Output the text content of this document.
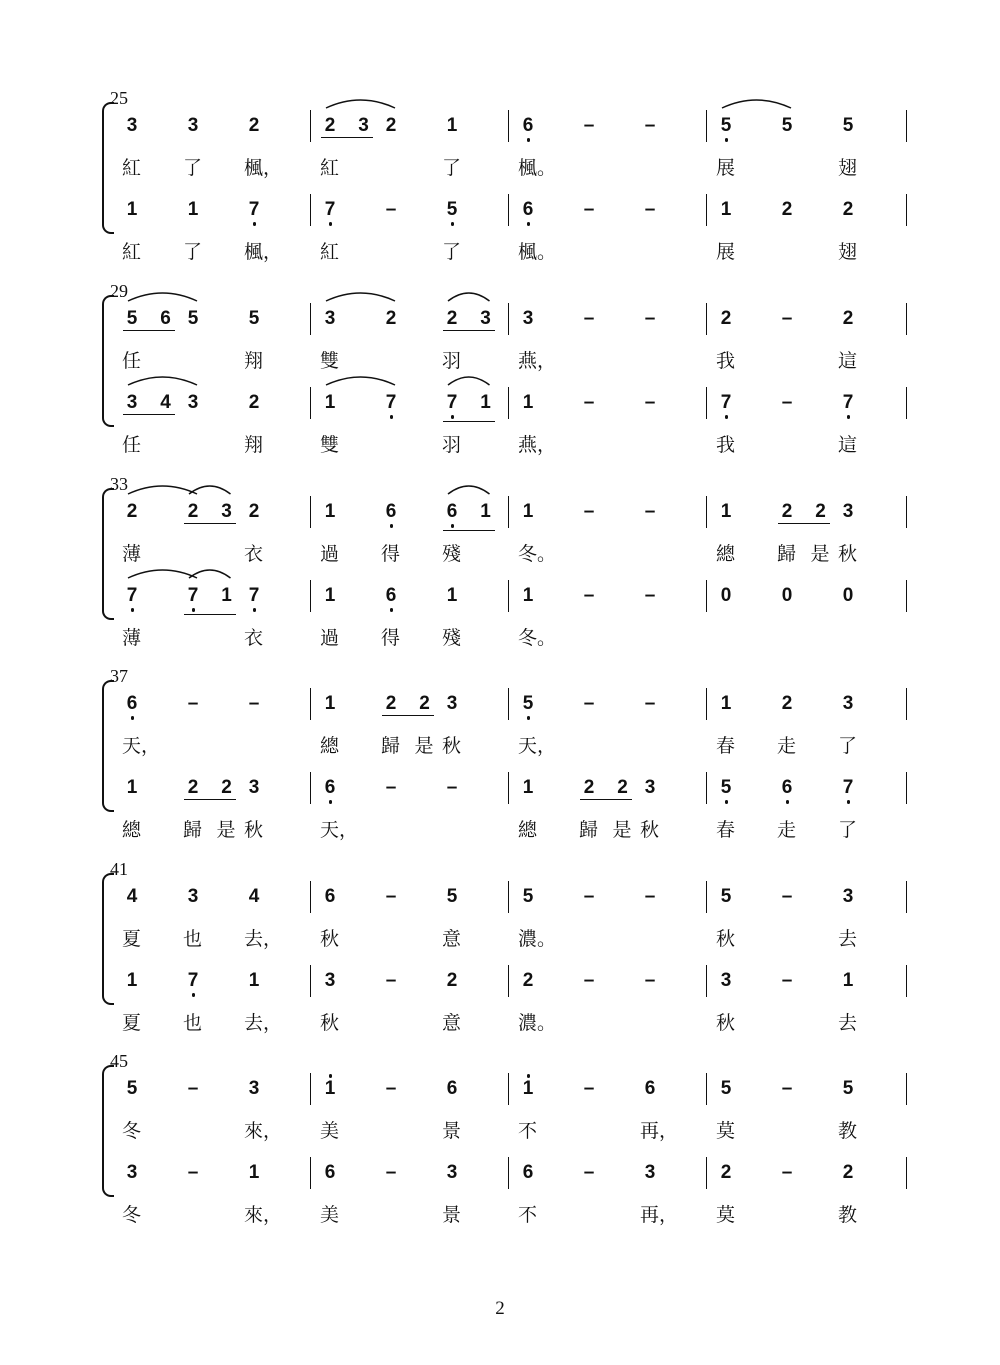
25
3	3	2	2 3 2	1	6	–	–	5	5	5
紅	了	楓，	紅	了	楓。	展	翅
1	1	7	7	–	5	6	–	–	1	2	2
紅	了	楓，	紅	了	楓。	展	翅
29
5 6 5	5	3	2	2 3 3	–	–	2	–	2
任	翔	雙	羽	燕，	我	這
3 4 3	2	1	7	7 1 1	–	–	7	–	7
任	翔	雙	羽	燕，	我	這
33
2	2 3 2	1	6	6 1 1	–	–	1	2 2 3
薄	衣	過	得	殘	冬。	總	歸 是 秋
7	7 1 7	1	6	1	1	–	–	0	0	0
薄	衣	過	得	殘	冬。
37
6	–	–	1	2 2 3	5	–	–	1	2	3
天，	總	歸 是 秋	天，	春	走	了
1	2 2 3	6	–	–	1	2 2 3	5	6	7
總	歸 是 秋	天，	總	歸 是 秋	春	走	了
41
4	3	4	6	–	5	5	–	–	5	–	3
夏	也	去，	秋	意	濃。	秋	去
1	7	1	3	–	2	2	–	–	3	–	1
夏	也	去，	秋	意	濃。	秋	去
45
5	–	3	1	–	6	1	–	6	5	–	5
冬	來，	美	景	不	再，	莫	教
3	–	1	6	–	3	6	–	3	2	–	2
冬	來，	美	景	不	再，	莫	教
2
